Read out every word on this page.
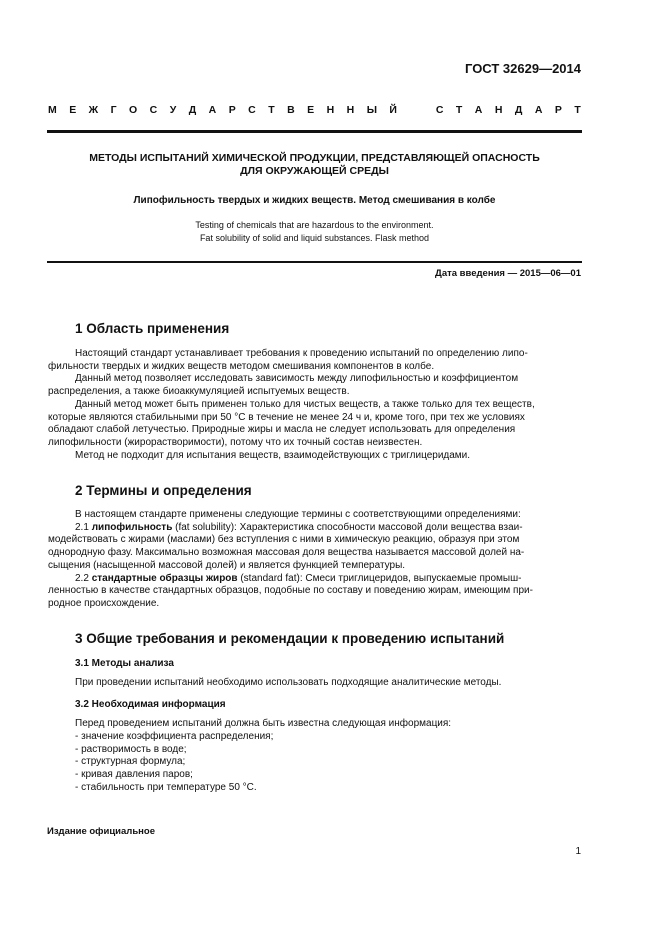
ГОСТ 32629—2014
М Е Ж Г О С У Д А Р С Т В Е Н Н Ы Й	С Т А Н Д А Р Т
МЕТОДЫ ИСПЫТАНИЙ ХИМИЧЕСКОЙ ПРОДУКЦИИ, ПРЕДСТАВЛЯЮЩЕЙ ОПАСНОСТЬ
ДЛЯ ОКРУЖАЮЩЕЙ СРЕДЫ
Липофильность твердых и жидких веществ. Метод смешивания в колбе
Testing of chemicals that are hazardous to the environment.
Fat solubility of solid and liquid substances. Flask method
Дата введения — 2015—06—01
1 Область применения

Настоящий стандарт устанавливает требования к проведению испытаний по определению липо-

фильности твердых и жидких веществ методом смешивания компонентов в колбе.

Данный метод позволяет исследовать зависимость между липофильностью и коэффициентом

распределения, а также биоаккумуляцией испытуемых веществ.

Данный метод может быть применен только для чистых веществ, а также только для тех веществ,

которые являются стабильными при 50 °С в течение не менее 24 ч и, кроме того, при тех же условиях

обладают слабой летучестью. Природные жиры и масла не следует использовать для определения

липофильности (жирорастворимости), потому что их точный состав неизвестен.

Метод не подходит для испытания веществ, взаимодействующих с триглицеридами.

2 Термины и определения

В настоящем стандарте применены следующие термины с соответствующими определениями:

2.1 липофильность (fat solubility): Характеристика способности массовой доли вещества взаи-

модействовать с жирами (маслами) без вступления с ними в химическую реакцию, образуя при этом

однородную фазу. Максимально возможная массовая доля вещества называется массовой долей на-

сыщения (насыщенной массовой долей) и является функцией температуры.

2.2 стандартные образцы жиров (standard fat): Смеси триглицеридов, выпускаемые промыш-

ленностью в качестве стандартных образцов, подобные по составу и поведению жирам, имеющим при-

родное происхождение.

3 Общие требования и рекомендации к проведению испытаний
3.1 Методы анализа
При проведении испытаний необходимо использовать подходящие аналитические методы.
3.2 Необходимая информация
Перед проведением испытаний должна быть известна следующая информация:
- значение коэффициента распределения;
- растворимость в воде;
- структурная формула;
- кривая давления паров;
- стабильность при температуре 50 °С.
Издание официальное
1
